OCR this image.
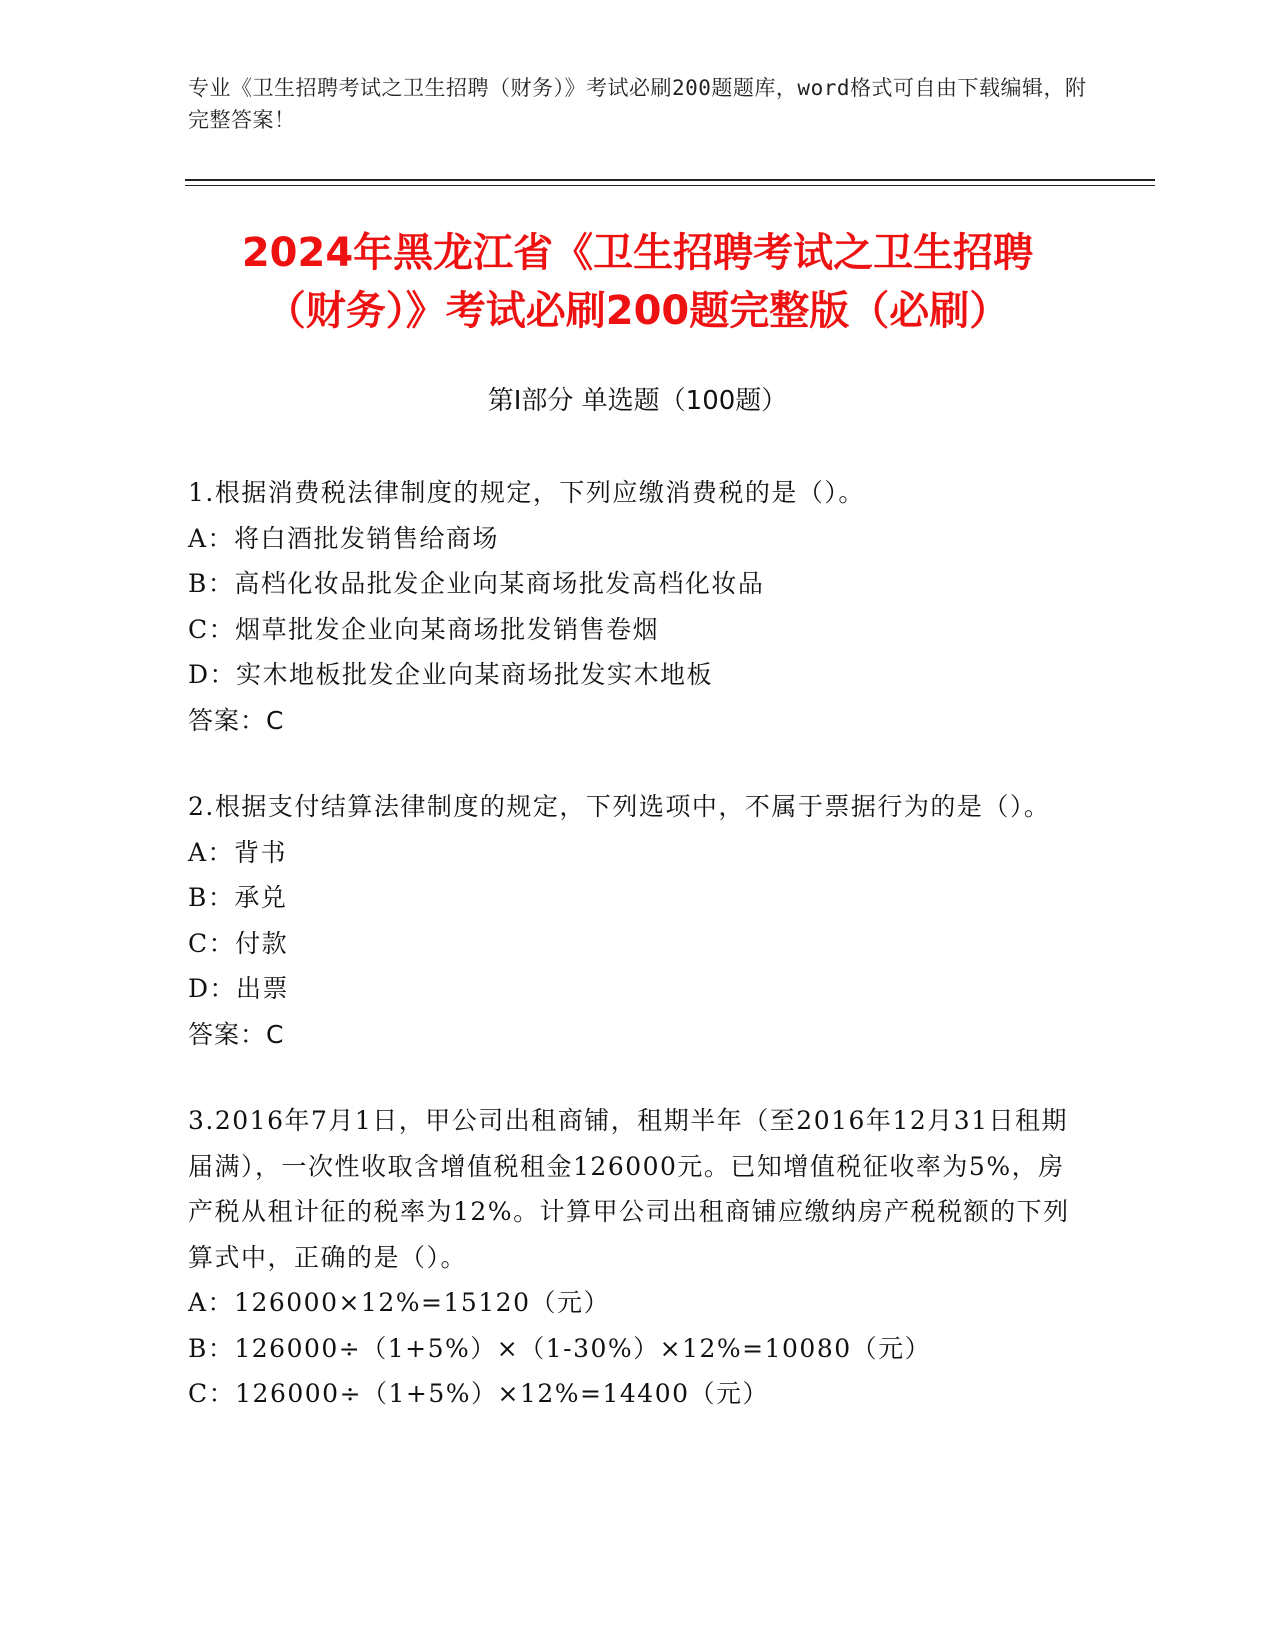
专业《卫生招聘考试之卫生招聘（财务）》考试必刷200题题库，word格式可自由下载编辑，附完整答案！
2024年黑龙江省《卫生招聘考试之卫生招聘
（财务）》考试必刷200题完整版（必刷）
第Ⅰ部分 单选题（100题）

1.根据消费税法律制度的规定，下列应缴消费税的是（）。

A：将白酒批发销售给商场

B：高档化妆品批发企业向某商场批发高档化妆品

C：烟草批发企业向某商场批发销售卷烟

D：实木地板批发企业向某商场批发实木地板

答案：C

2.根据支付结算法律制度的规定，下列选项中，不属于票据行为的是（）。

A：背书

B：承兑

C：付款

D：出票

答案：C

3.2016年7月1日，甲公司出租商铺，租期半年（至2016年12月31日租期届满），一次性收取含增值税租金126000元。已知增值税征收率为5%，房产税从租计征的税率为12%。计算甲公司出租商铺应缴纳房产税税额的下列算式中，正确的是（）。

A：126000×12%=15120（元）

B：126000÷（1+5%）×（1-30%）×12%=10080（元）

C：126000÷（1+5%）×12%=14400（元）
